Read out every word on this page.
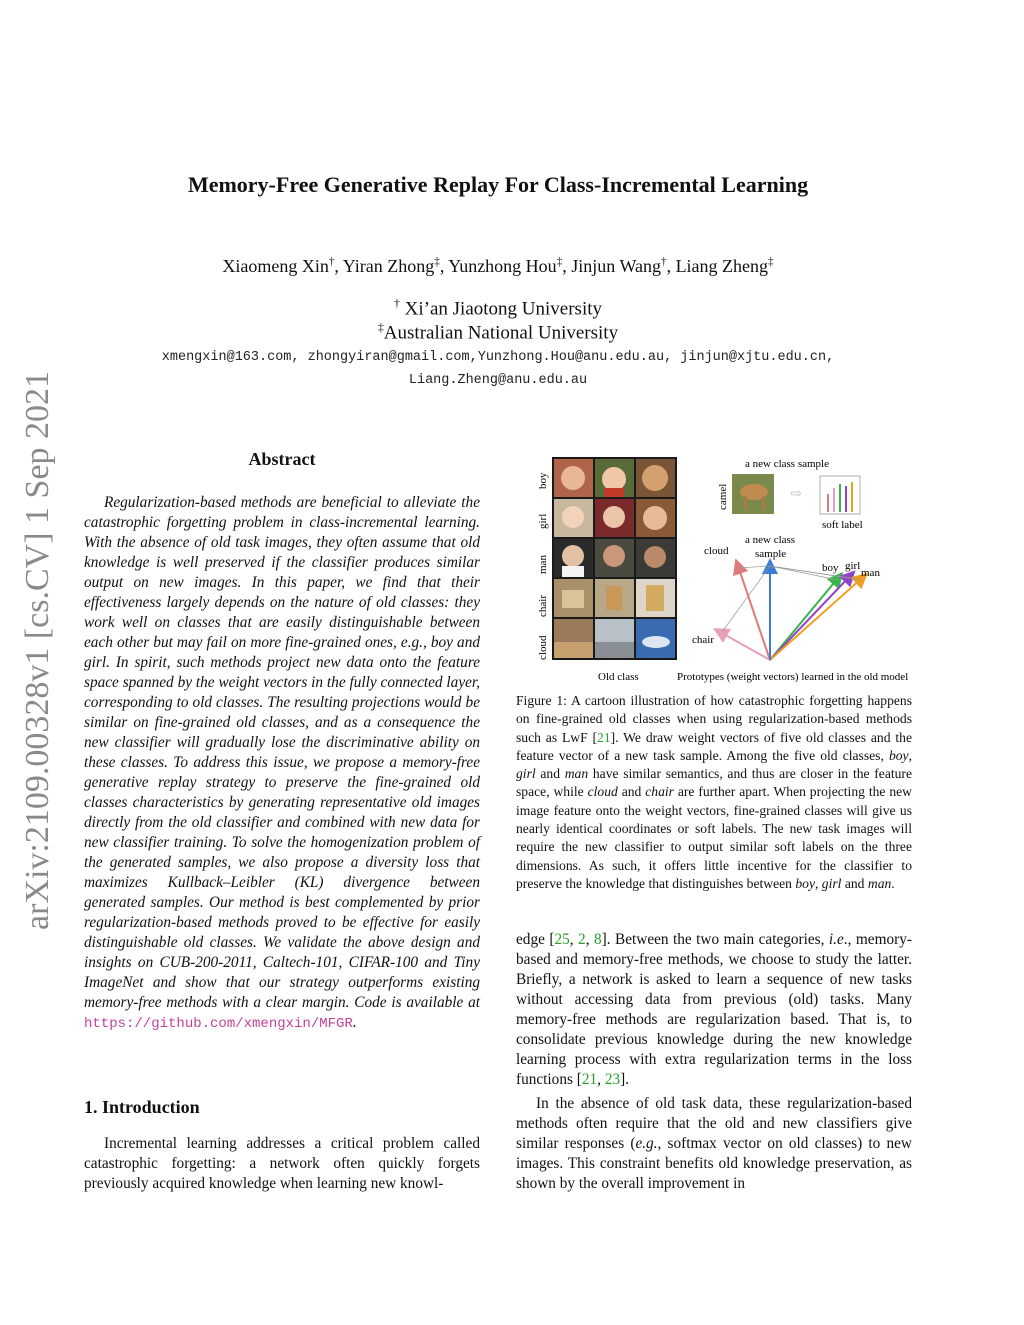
arXiv:2109.00328v1 [cs.CV] 1 Sep 2021
Memory-Free Generative Replay For Class-Incremental Learning
Xiaomeng Xin†, Yiran Zhong‡, Yunzhong Hou‡, Jinjun Wang†, Liang Zheng‡
† Xi’an Jiaotong University
‡Australian National University
xmengxin@163.com, zhongyiran@gmail.com,Yunzhong.Hou@anu.edu.au, jinjun@xjtu.edu.cn,
Liang.Zheng@anu.edu.au
Abstract
Regularization-based methods are beneficial to alleviate the catastrophic forgetting problem in class-incremental learning. With the absence of old task images, they often assume that old knowledge is well preserved if the classifier produces similar output on new images. In this paper, we find that their effectiveness largely depends on the nature of old classes: they work well on classes that are easily distinguishable between each other but may fail on more fine-grained ones, e.g., boy and girl. In spirit, such methods project new data onto the feature space spanned by the weight vectors in the fully connected layer, corresponding to old classes. The resulting projections would be similar on fine-grained old classes, and as a consequence the new classifier will gradually lose the discriminative ability on these classes. To address this issue, we propose a memory-free generative replay strategy to preserve the fine-grained old classes characteristics by generating representative old images directly from the old classifier and combined with new data for new classifier training. To solve the homogenization problem of the generated samples, we also propose a diversity loss that maximizes Kullback–Leibler (KL) divergence between generated samples. Our method is best complemented by prior regularization-based methods proved to be effective for easily distinguishable old classes. We validate the above design and insights on CUB-200-2011, Caltech-101, CIFAR-100 and Tiny ImageNet and show that our strategy outperforms existing memory-free methods with a clear margin. Code is available at https://github.com/xmengxin/MFGR.
1. Introduction
Incremental learning addresses a critical problem called catastrophic forgetting: a network often quickly forgets previously acquired knowledge when learning new knowl-
boy
girl
man
chair
cloud
Old class
a new class sample
camel	⇨
soft label
cloud
a new class
sample
boy girl
man
chair
Prototypes (weight vectors) learned in the old model
Figure 1: A cartoon illustration of how catastrophic forgetting happens on fine-grained old classes when using regularization-based methods such as LwF [21]. We draw weight vectors of five old classes and the feature vector of a new task sample. Among the five old classes, boy, girl and man have similar semantics, and thus are closer in the feature space, while cloud and chair are further apart. When projecting the new image feature onto the weight vectors, fine-grained classes will give us nearly identical coordinates or soft labels. The new task images will require the new classifier to output similar soft labels on the three dimensions. As such, it offers little incentive for the classifier to preserve the knowledge that distinguishes between boy, girl and man.
edge [25, 2, 8]. Between the two main categories, i.e., memory-based and memory-free methods, we choose to study the latter. Briefly, a network is asked to learn a sequence of new tasks without accessing data from previous (old) tasks. Many memory-free methods are regularization based. That is, to consolidate previous knowledge during the new knowledge learning process with extra regularization terms in the loss functions [21, 23].
In the absence of old task data, these regularization-based methods often require that the old and new classifiers give similar responses (e.g., softmax vector on old classes) to new images. This constraint benefits old knowledge preservation, as shown by the overall improvement in
